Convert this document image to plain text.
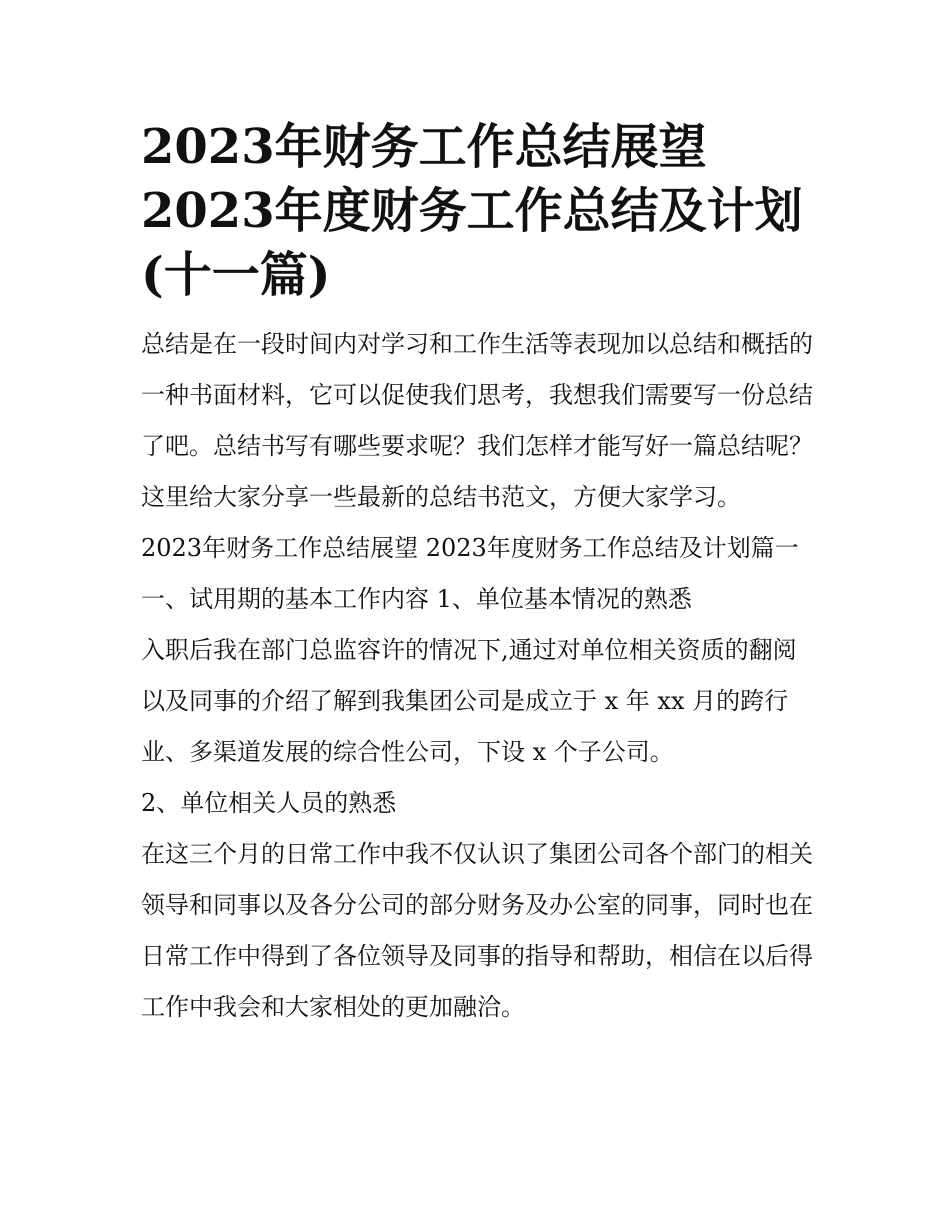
2023年财务工作总结展望
2023年度财务工作总结及计划
(十一篇)

总结是在一段时间内对学习和工作生活等表现加以总结和概括的一种书面材料，它可以促使我们思考，我想我们需要写一份总结了吧。总结书写有哪些要求呢？我们怎样才能写好一篇总结呢？这里给大家分享一些最新的总结书范文，方便大家学习。

2023年财务工作总结展望 2023年度财务工作总结及计划篇一

一、试用期的基本工作内容 1、单位基本情况的熟悉

入职后我在部门总监容许的情况下,通过对单位相关资质的翻阅以及同事的介绍了解到我集团公司是成立于 x 年 xx 月的跨行业、多渠道发展的综合性公司，下设 x 个子公司。

2、单位相关人员的熟悉

在这三个月的日常工作中我不仅认识了集团公司各个部门的相关领导和同事以及各分公司的部分财务及办公室的同事，同时也在日常工作中得到了各位领导及同事的指导和帮助，相信在以后得工作中我会和大家相处的更加融洽。
